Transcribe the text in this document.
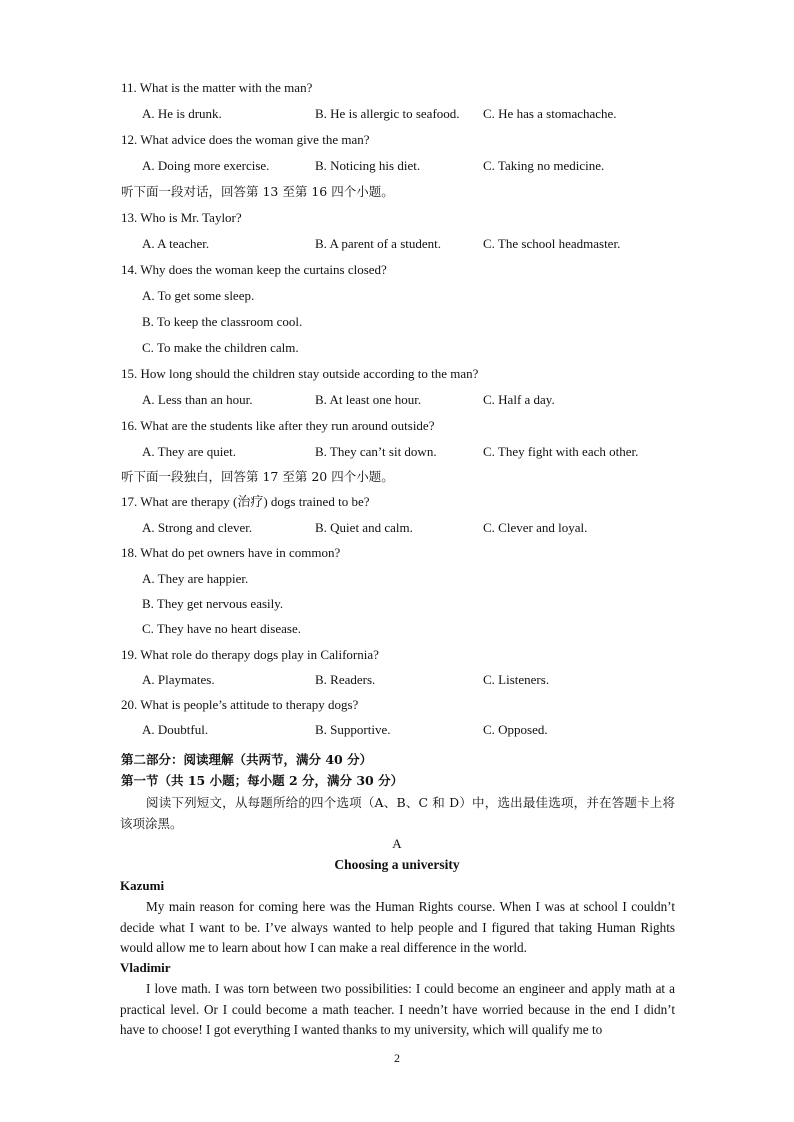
11. What is the matter with the man?
A. He is drunk.	B. He is allergic to seafood. C. He has a stomachache.
12. What advice does the woman give the man?
A. Doing more exercise.	B. Noticing his diet.	C. Taking no medicine.
听下面一段对话，回答第 13 至第 16 四个小题。
13. Who is Mr. Taylor?
A. A teacher.	B. A parent of a student.	C. The school headmaster.
14. Why does the woman keep the curtains closed?
A. To get some sleep.
B. To keep the classroom cool.
C. To make the children calm.
15. How long should the children stay outside according to the man?
A. Less than an hour.	B. At least one hour.	C. Half a day.
16. What are the students like after they run around outside?
A. They are quiet.	B. They can’t sit down.	C. They fight with each other.
听下面一段独白，回答第 17 至第 20 四个小题。
17. What are therapy (治疗) dogs trained to be?
A. Strong and clever.	B. Quiet and calm.	C. Clever and loyal.
18. What do pet owners have in common?
A. They are happier.
B. They get nervous easily.
C. They have no heart disease.
19. What role do therapy dogs play in California?
A. Playmates.	B. Readers.	C. Listeners.
20. What is people’s attitude to therapy dogs?
A. Doubtful.	B. Supportive.	C. Opposed.
第二部分：阅读理解（共两节，满分 40 分）
第一节（共 15 小题；每小题 2 分，满分 30 分）
阅读下列短文，从每题所给的四个选项（A、B、C 和 D）中，选出最佳选项，并在答题卡上将该项涂黑。
A
Choosing a university
Kazumi
My main reason for coming here was the Human Rights course. When I was at school I couldn’t decide what I want to be. I’ve always wanted to help people and I figured that taking Human Rights would allow me to learn about how I can make a real difference in the world.
Vladimir
I love math. I was torn between two possibilities: I could become an engineer and apply math at a practical level. Or I could become a math teacher. I needn’t have worried because in the end I didn’t have to choose! I got everything I wanted thanks to my university, which will qualify me to
2
